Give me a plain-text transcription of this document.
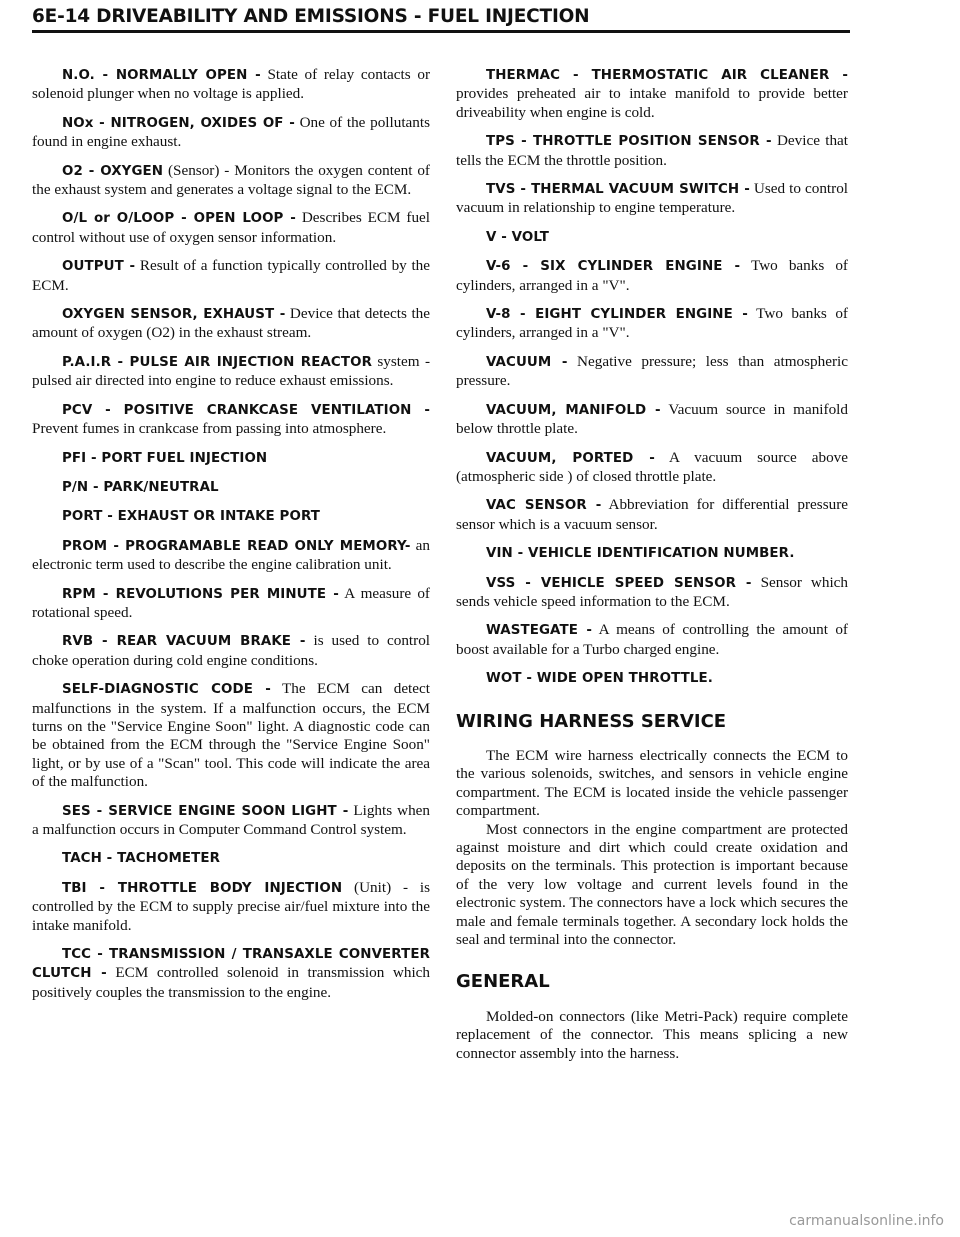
6E-14 DRIVEABILITY AND EMISSIONS - FUEL INJECTION
N.O. - NORMALLY OPEN - State of relay contacts or solenoid plunger when no voltage is applied.
NOx - NITROGEN, OXIDES OF - One of the pollutants found in engine exhaust.
O2 - OXYGEN (Sensor) - Monitors the oxygen content of the exhaust system and generates a voltage signal to the ECM.
O/L or O/LOOP - OPEN LOOP - Describes ECM fuel control without use of oxygen sensor information.
OUTPUT - Result of a function typically controlled by the ECM.
OXYGEN SENSOR, EXHAUST - Device that detects the amount of oxygen (O2) in the exhaust stream.
P.A.I.R - PULSE AIR INJECTION REACTOR system - pulsed air directed into engine to reduce exhaust emissions.
PCV - POSITIVE CRANKCASE VENTILATION - Prevent fumes in crankcase from passing into atmosphere.
PFI - PORT FUEL INJECTION
P/N - PARK/NEUTRAL
PORT - EXHAUST OR INTAKE PORT
PROM - PROGRAMABLE READ ONLY MEMORY- an electronic term used to describe the engine calibration unit.
RPM - REVOLUTIONS PER MINUTE - A measure of rotational speed.
RVB - REAR VACUUM BRAKE - is used to control choke operation during cold engine conditions.
SELF-DIAGNOSTIC CODE - The ECM can detect malfunctions in the system. If a malfunction occurs, the ECM turns on the "Service Engine Soon" light. A diagnostic code can be obtained from the ECM through the "Service Engine Soon" light, or by use of a "Scan" tool. This code will indicate the area of the malfunction.
SES - SERVICE ENGINE SOON LIGHT - Lights when a malfunction occurs in Computer Command Control system.
TACH - TACHOMETER
TBI - THROTTLE BODY INJECTION (Unit) - is controlled by the ECM to supply precise air/fuel mixture into the intake manifold.
TCC - TRANSMISSION / TRANSAXLE CONVERTER CLUTCH - ECM controlled solenoid in transmission which positively couples the transmission to the engine.
THERMAC - THERMOSTATIC AIR CLEANER - provides preheated air to intake manifold to provide better driveability when engine is cold.
TPS - THROTTLE POSITION SENSOR - Device that tells the ECM the throttle position.
TVS - THERMAL VACUUM SWITCH - Used to control vacuum in relationship to engine temperature.
V - VOLT
V-6 - SIX CYLINDER ENGINE - Two banks of cylinders, arranged in a "V".
V-8 - EIGHT CYLINDER ENGINE - Two banks of cylinders, arranged in a "V".
VACUUM - Negative pressure; less than atmospheric pressure.
VACUUM, MANIFOLD - Vacuum source in manifold below throttle plate.
VACUUM, PORTED - A vacuum source above (atmospheric side ) of closed throttle plate.
VAC SENSOR - Abbreviation for differential pressure sensor which is a vacuum sensor.
VIN - VEHICLE IDENTIFICATION NUMBER.
VSS - VEHICLE SPEED SENSOR - Sensor which sends vehicle speed information to the ECM.
WASTEGATE - A means of controlling the amount of boost available for a Turbo charged engine.
WOT - WIDE OPEN THROTTLE.
WIRING HARNESS SERVICE

The ECM wire harness electrically connects the ECM to the various solenoids, switches, and sensors in vehicle engine compartment. The ECM is located inside the vehicle passenger compartment.

Most connectors in the engine compartment are protected against moisture and dirt which could create oxidation and deposits on the terminals. This protection is important because of the very low voltage and current levels found in the electronic system. The connectors have a lock which secures the male and female terminals together. A secondary lock holds the seal and terminal into the connector.

GENERAL

Molded-on connectors (like Metri-Pack) require complete replacement of the connector. This means splicing a new connector assembly into the harness.

carmanualsonline.info
